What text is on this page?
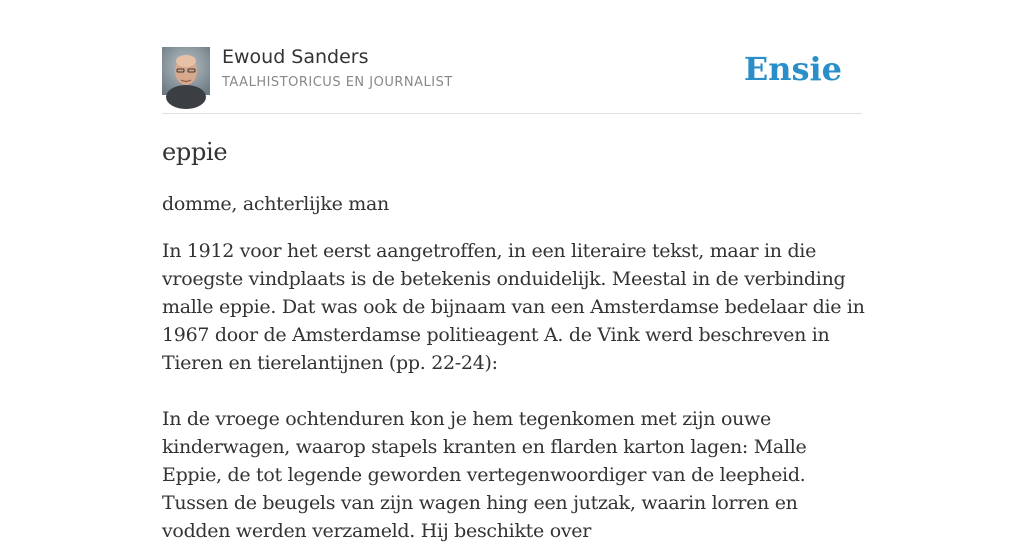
Ewoud Sanders
TAALHISTORICUS EN JOURNALIST	Ensie
eppie

domme, achterlijke man

In 1912 voor het eerst aangetroffen, in een literaire tekst, maar in die vroegste vindplaats is de betekenis onduidelijk. Meestal in de verbinding malle eppie. Dat was ook de bijnaam van een Amsterdamse bedelaar die in 1967 door de Amsterdamse politieagent A. de Vink werd beschreven in Tieren en tierelantijnen (pp. 22-24):

In de vroege ochtenduren kon je hem tegenkomen met zijn ouwe kinderwagen, waarop stapels kranten en flarden karton lagen: Malle Eppie, de tot legende geworden vertegenwoordiger van de leepheid. Tussen de beugels van zijn wagen hing een jutzak, waarin lorren en vodden werden verzameld. Hij beschikte over
